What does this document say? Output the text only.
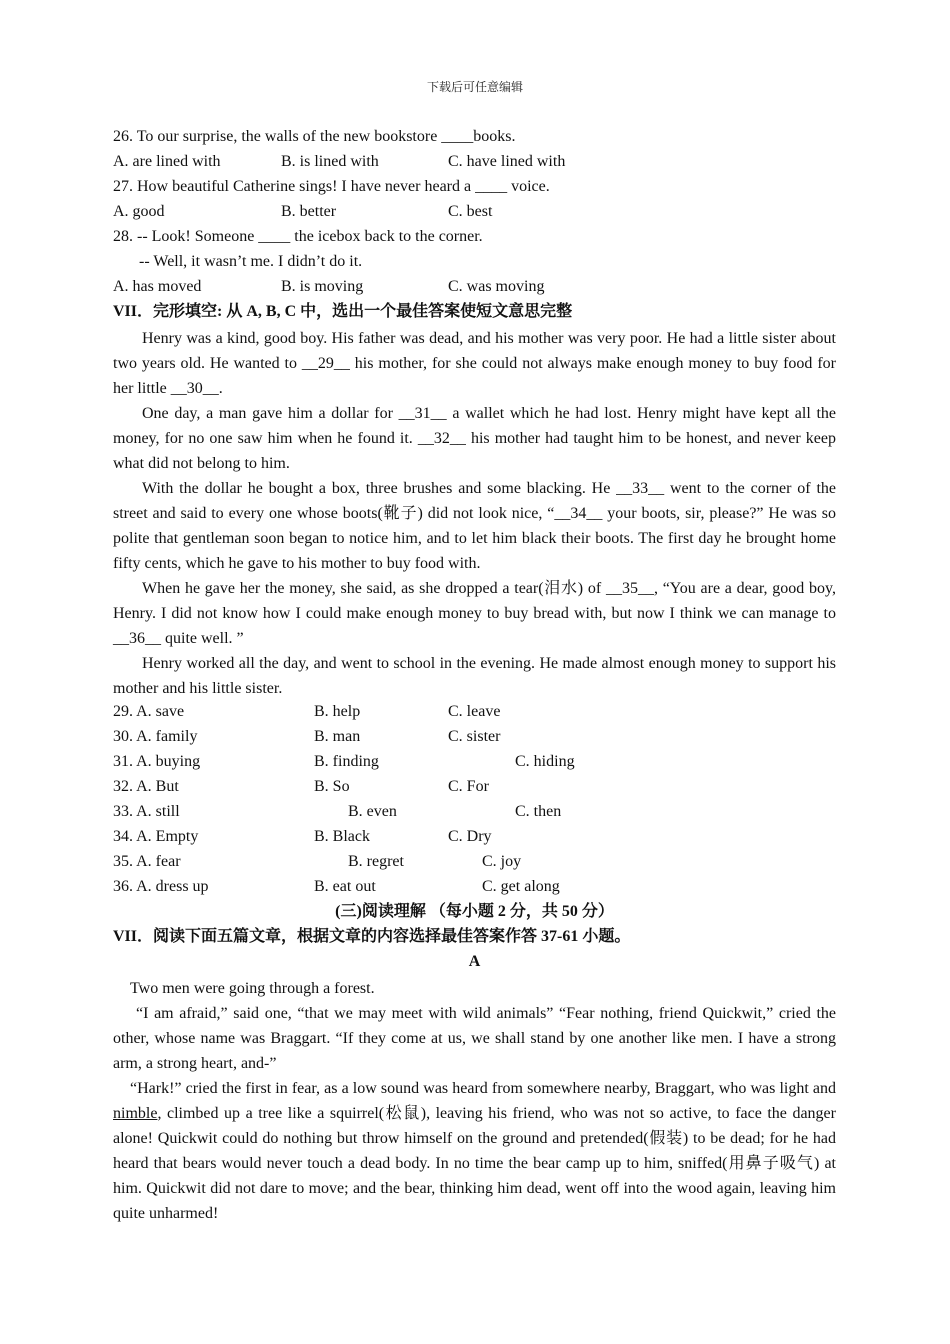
下载后可任意编辑
26. To our surprise, the walls of the new bookstore ____books.
A. are lined with	B. is lined with	C. have lined with
27. How beautiful Catherine sings! I have never heard a ____ voice.
A. good	B. better	C. best
28. -- Look! Someone ____ the icebox back to the corner.
-- Well, it wasn’t me. I didn’t do it.
A. has moved	B. is moving	C. was moving
VII．完形填空: 从 A, B, C 中，选出一个最佳答案使短文意思完整

Henry was a kind, good boy. His father was dead, and his mother was very poor. He had a little sister about two years old. He wanted to __29__ his mother, for she could not always make enough money to buy food for her little __30__.

One day, a man gave him a dollar for __31__ a wallet which he had lost. Henry might have kept all the money, for no one saw him when he found it. __32__ his mother had taught him to be honest, and never keep what did not belong to him.

With the dollar he bought a box, three brushes and some blacking. He __33__ went to the corner of the street and said to every one whose boots(靴子) did not look nice, “__34__ your boots, sir, please?” He was so polite that gentleman soon began to notice him, and to let him black their boots. The first day he brought home fifty cents, which he gave to his mother to buy food with.

When he gave her the money, she said, as she dropped a tear(泪水) of __35__, “You are a dear, good boy, Henry. I did not know how I could make enough money to buy bread with, but now I think we can manage to __36__ quite well. ”

Henry worked all the day, and went to school in the evening. He made almost enough money to support his mother and his little sister.

29. A. save	B. help	C. leave
30. A. family	B. man	C. sister
31. A. buying	B. finding	C. hiding
32. A. But	B. So	C. For
33. A. still	B. even	C. then
34. A. Empty	B. Black	C. Dry
35. A. fear	B. regret	C. joy
36. A. dress up	B. eat out	C. get along
(三)阅读理解 （每小题 2 分，共 50 分）
VII．阅读下面五篇文章，根据文章的内容选择最佳答案作答 37-61 小题。
A

Two men were going through a forest.

“I am afraid,” said one, “that we may meet with wild animals” “Fear nothing, friend Quickwit,” cried the other, whose name was Braggart. “If they come at us, we shall stand by one another like men. I have a strong arm, a strong heart, and-”

“Hark!” cried the first in fear, as a low sound was heard from somewhere nearby, Braggart, who was light and nimble, climbed up a tree like a squirrel(松鼠), leaving his friend, who was not so active, to face the danger alone! Quickwit could do nothing but throw himself on the ground and pretended(假装) to be dead; for he had heard that bears would never touch a dead body. In no time the bear camp up to him, sniffed(用鼻子吸气) at him. Quickwit did not dare to move; and the bear, thinking him dead, went off into the wood again, leaving him quite unharmed!
